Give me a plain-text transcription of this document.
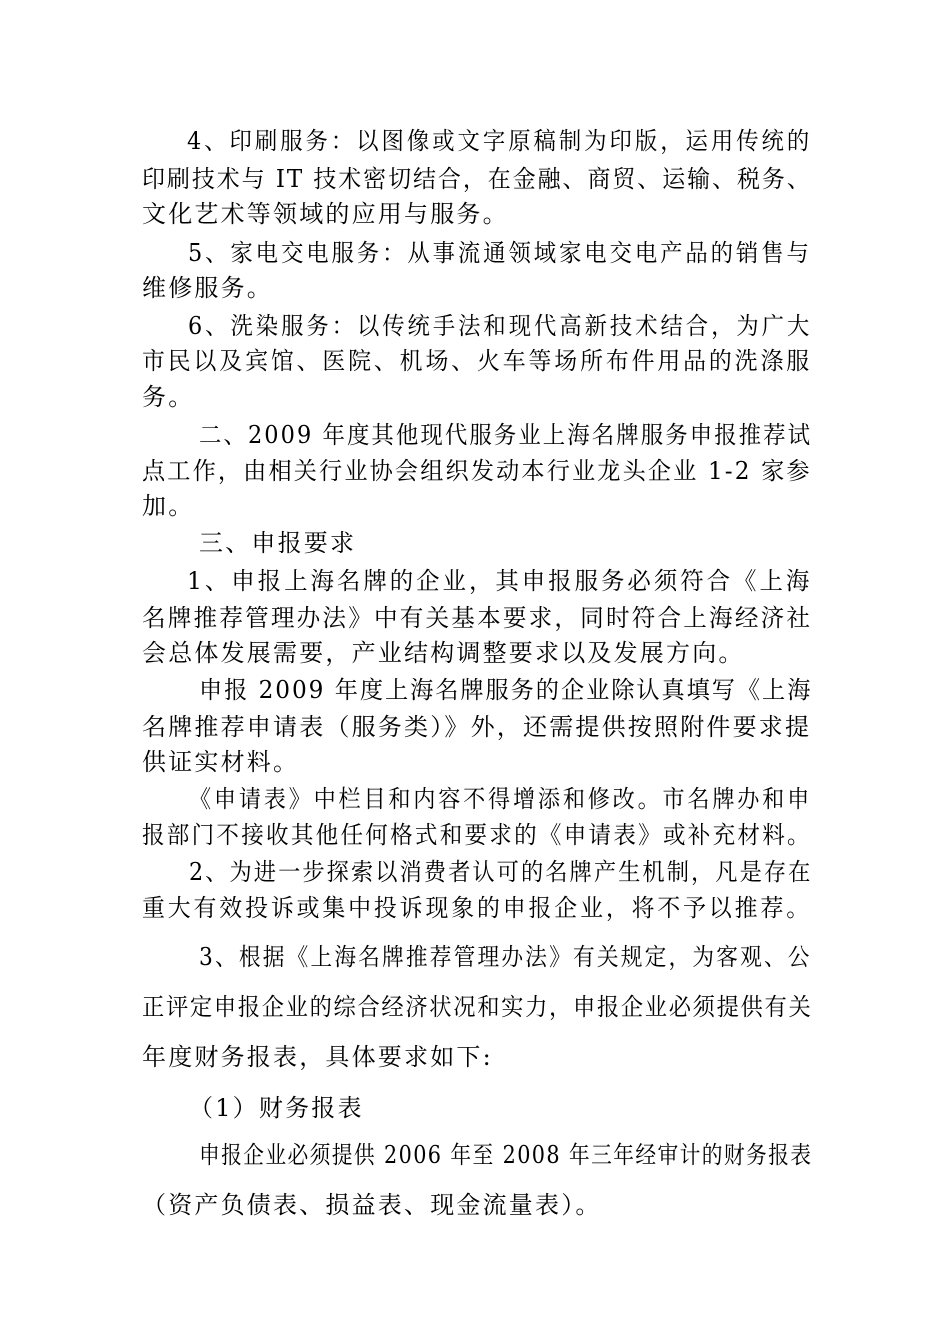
4、印刷服务：以图像或文字原稿制为印版，运用传统的
印刷技术与 IT 技术密切结合，在金融、商贸、运输、税务、
文化艺术等领域的应用与服务。
5、家电交电服务：从事流通领域家电交电产品的销售与
维修服务。
6、洗染服务：以传统手法和现代高新技术结合，为广大
市民以及宾馆、医院、机场、火车等场所布件用品的洗涤服
务。
二、2009 年度其他现代服务业上海名牌服务申报推荐试
点工作，由相关行业协会组织发动本行业龙头企业 1-2 家参
加。
三、申报要求
1、申报上海名牌的企业，其申报服务必须符合《上海
名牌推荐管理办法》中有关基本要求，同时符合上海经济社
会总体发展需要，产业结构调整要求以及发展方向。
申报 2009 年度上海名牌服务的企业除认真填写《上海
名牌推荐申请表（服务类）》外，还需提供按照附件要求提
供证实材料。
《申请表》中栏目和内容不得增添和修改。市名牌办和申
报部门不接收其他任何格式和要求的《申请表》或补充材料。
2、为进一步探索以消费者认可的名牌产生机制，凡是存在
重大有效投诉或集中投诉现象的申报企业，将不予以推荐。
3、根据《上海名牌推荐管理办法》有关规定，为客观、公
正评定申报企业的综合经济状况和实力，申报企业必须提供有关
年度财务报表，具体要求如下:
（1）财务报表
申报企业必须提供 2006 年至 2008 年三年经审计的财务报表
（资产负债表、损益表、现金流量表）。
